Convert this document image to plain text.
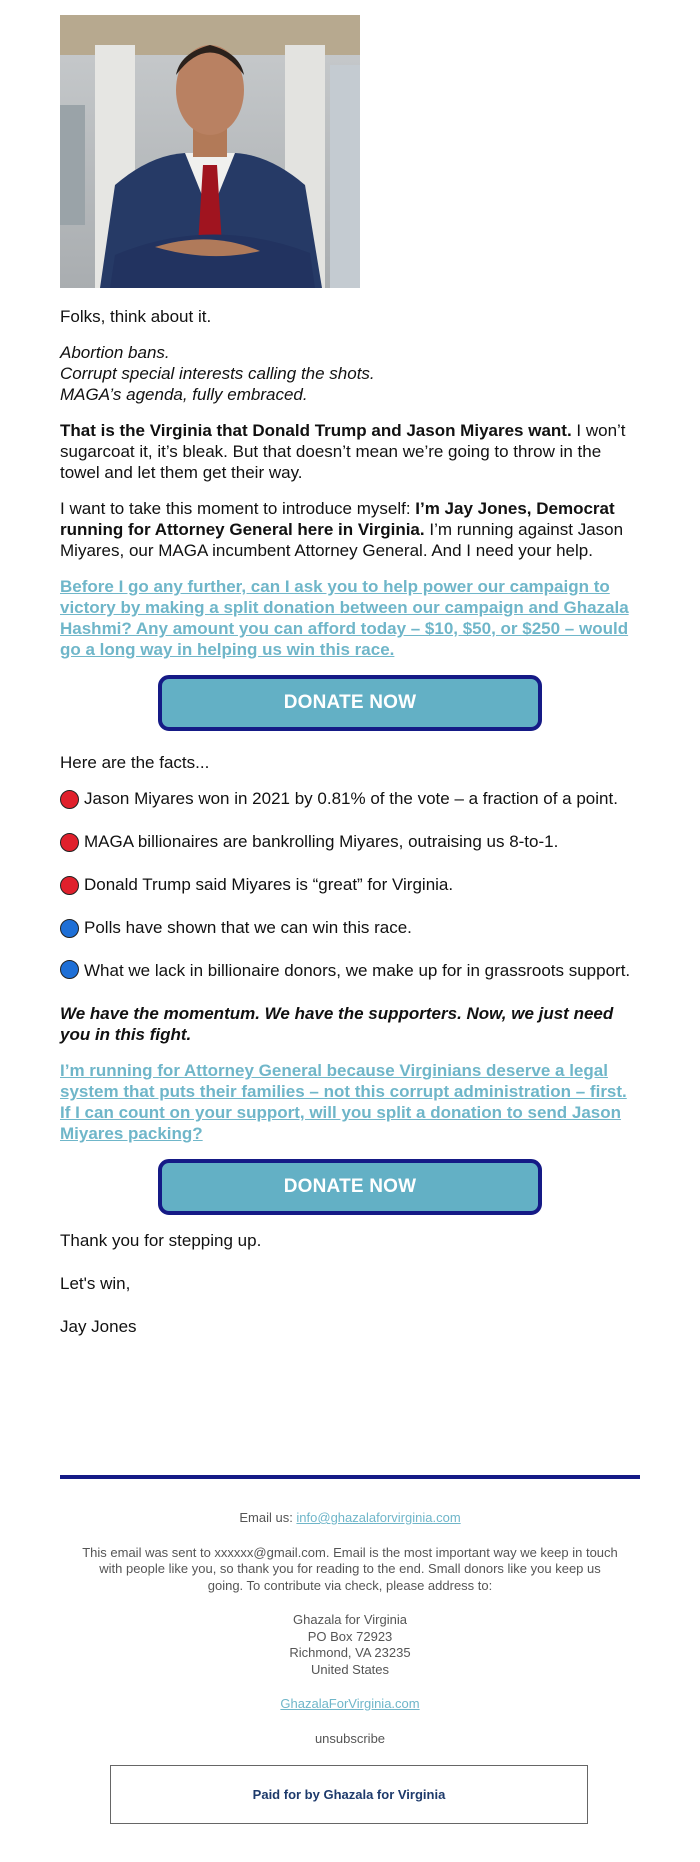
Folks, think about it.

Abortion bans.

Corrupt special interests calling the shots.

MAGA’s agenda, fully embraced.

That is the Virginia that Donald Trump and Jason Miyares want. I won’t sugarcoat it, it’s bleak. But that doesn’t mean we’re going to throw in the towel and let them get their way.

I want to take this moment to introduce myself: I’m Jay Jones, Democrat running for Attorney General here in Virginia. I’m running against Jason Miyares, our MAGA incumbent Attorney General. And I need your help.

Before I go any further, can I ask you to help power our campaign to victory by making a split donation between our campaign and Ghazala Hashmi? Any amount you can afford today – $10, $50, or $250 – would go a long way in helping us win this race.

DONATE NOW

Here are the facts...

Jason Miyares won in 2021 by 0.81% of the vote – a fraction of a point.

MAGA billionaires are bankrolling Miyares, outraising us 8-to-1.

Donald Trump said Miyares is “great” for Virginia.

Polls have shown that we can win this race.

What we lack in billionaire donors, we make up for in grassroots support.

We have the momentum. We have the supporters. Now, we just need you in this fight.

I’m running for Attorney General because Virginians deserve a legal system that puts their families – not this corrupt administration – first. If I can count on your support, will you split a donation to send Jason Miyares packing?

DONATE NOW

Thank you for stepping up.

Let's win,

Jay Jones

Email us: info@ghazalaforvirginia.com

This email was sent to xxxxxx@gmail.com. Email is the most important way we keep in touch with people like you, so thank you for reading to the end. Small donors like you keep us going. To contribute via check, please address to:

Ghazala for Virginia
PO Box 72923
Richmond, VA 23235
United States

GhazalaForVirginia.com

unsubscribe

Paid for by Ghazala for Virginia
